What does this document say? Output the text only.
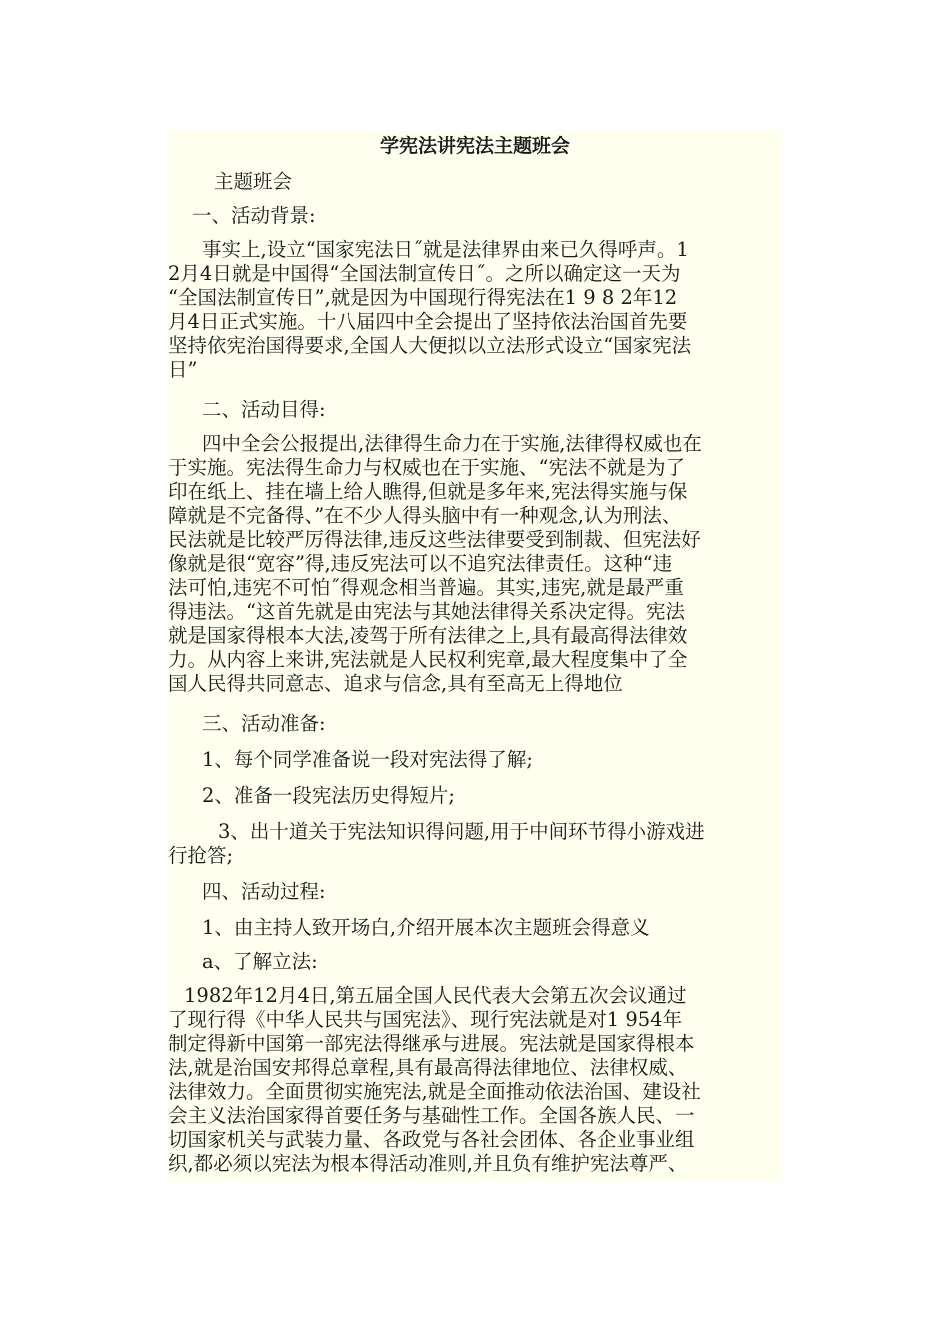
学宪法讲宪法主题班会

主题班会

一、活动背景:

事实上,设立“国家宪法日˝就是法律界由来已久得呼声。1

2月4日就是中国得“全国法制宣传日˝。之所以确定这一天为

“全国法制宣传日”,就是因为中国现行得宪法在1 9 8 2年12

月4日正式实施。十八届四中全会提出了坚持依法治国首先要

坚持依宪治国得要求,全国人大便拟以立法形式设立“国家宪法

日”

二、活动目得:

四中全会公报提出,法律得生命力在于实施,法律得权威也在

于实施。宪法得生命力与权威也在于实施、“宪法不就是为了

印在纸上、挂在墙上给人瞧得,但就是多年来,宪法得实施与保

障就是不完备得、”在不少人得头脑中有一种观念,认为刑法、

民法就是比较严厉得法律,违反这些法律要受到制裁、但宪法好

像就是很“宽容”得,违反宪法可以不追究法律责任。这种“违

法可怕,违宪不可怕˝得观念相当普遍。其实,违宪,就是最严重

得违法。“这首先就是由宪法与其她法律得关系决定得。宪法

就是国家得根本大法,凌驾于所有法律之上,具有最高得法律效

力。从内容上来讲,宪法就是人民权利宪章,最大程度集中了全

国人民得共同意志、追求与信念,具有至高无上得地位

三、活动准备:

1、每个同学准备说一段对宪法得了解;

2、准备一段宪法历史得短片;

3、出十道关于宪法知识得问题,用于中间环节得小游戏进

行抢答;

四、活动过程:

1、由主持人致开场白,介绍开展本次主题班会得意义

a、了解立法:

1982年12月4日,第五届全国人民代表大会第五次会议通过

了现行得《中华人民共与国宪法》、现行宪法就是对1 954年

制定得新中国第一部宪法得继承与进展。宪法就是国家得根本

法,就是治国安邦得总章程,具有最高得法律地位、法律权威、

法律效力。全面贯彻实施宪法,就是全面推动依法治国、建设社

会主义法治国家得首要任务与基础性工作。全国各族人民、一

切国家机关与武装力量、各政党与各社会团体、各企业事业组

织,都必须以宪法为根本得活动准则,并且负有维护宪法尊严、
